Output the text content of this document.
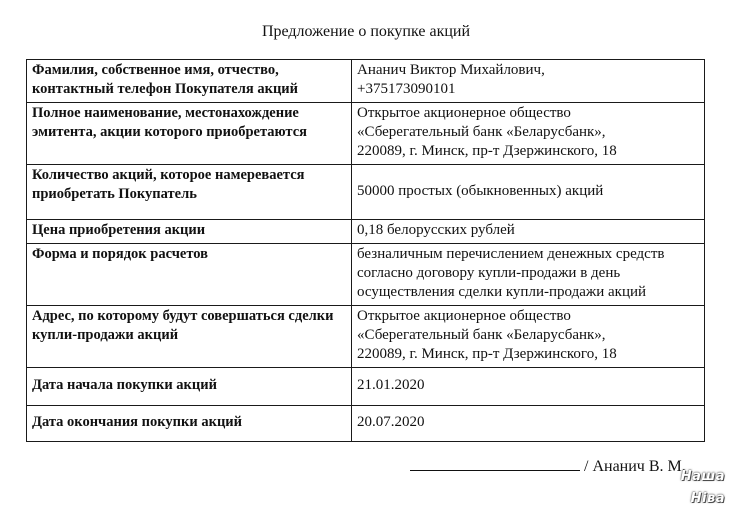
Предложение о покупке акций
Фамилия, собственное имя, отчество, контактный телефон Покупателя акций	Ананич Виктор Михайлович,
+375173090101
Полное наименование, местонахождение эмитента, акции которого приобретаются	Открытое акционерное общество
«Сберегательный банк «Беларусбанк»,
220089, г. Минск, пр-т Дзержинского, 18
Количество акций, которое намеревается приобретать Покупатель	50000 простых (обыкновенных) акций
Цена приобретения акции	0,18 белорусских рублей
Форма и порядок расчетов	безналичным перечислением денежных средств согласно договору купли-продажи в день осуществления сделки купли-продажи акций
Адрес, по которому будут совершаться сделки купли-продажи акций	Открытое акционерное общество
«Сберегательный банк «Беларусбанк»,
220089, г. Минск, пр-т Дзержинского, 18
Дата начала покупки акций	21.01.2020
Дата окончания покупки акций	20.07.2020
/ Ананич В. М.
Наша Ніва
